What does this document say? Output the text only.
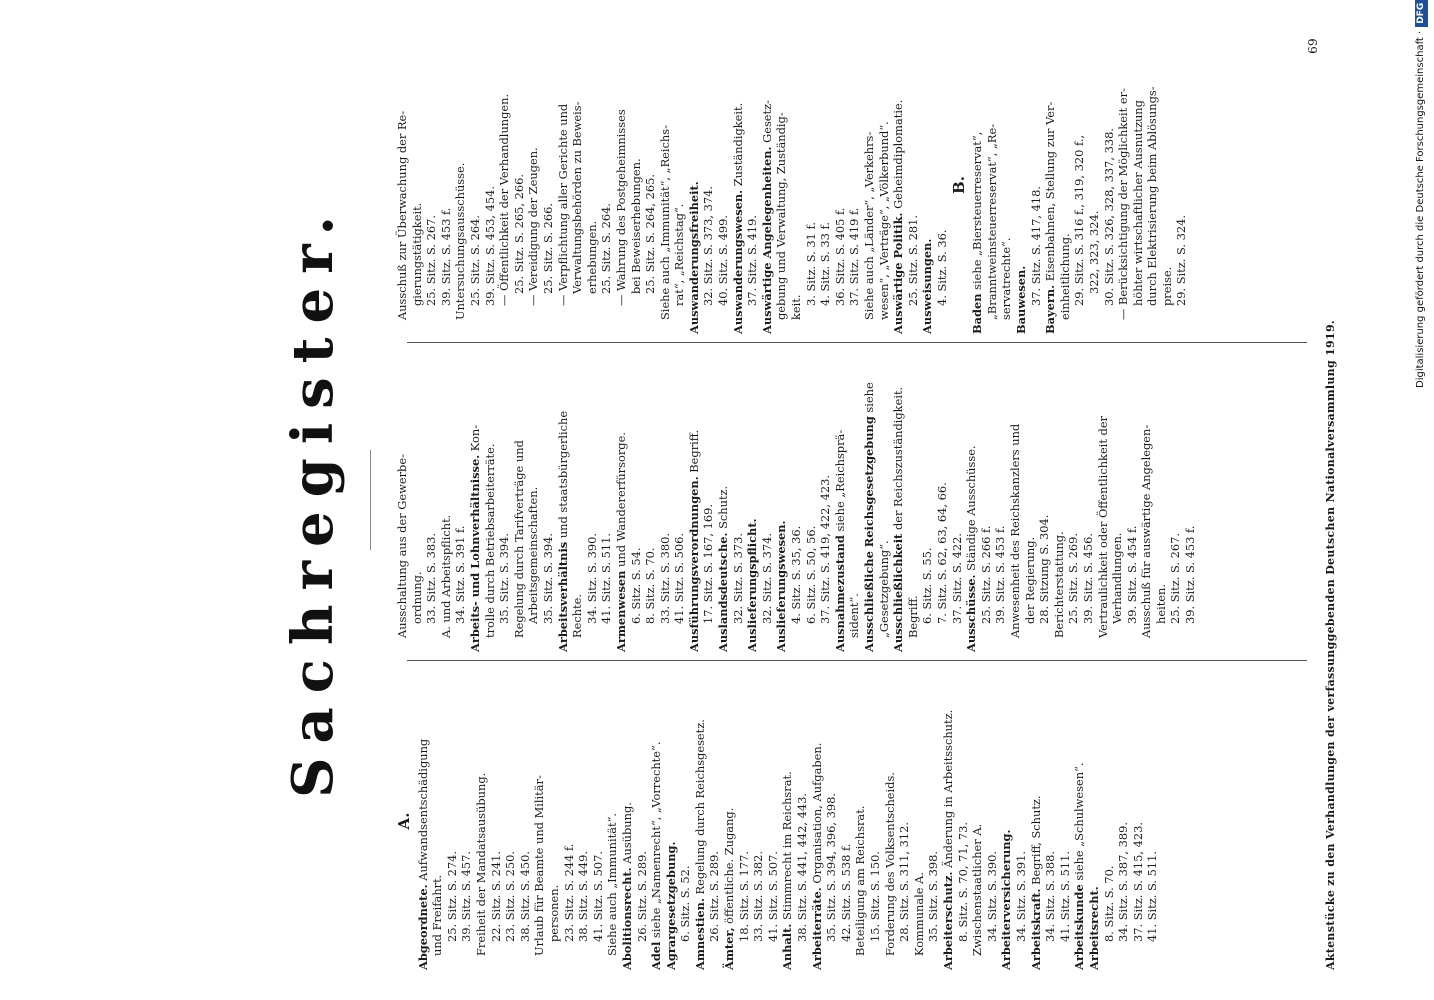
Sachregister.
A.
Abgeordnete. Aufwandsentschädigung
und Freifahrt. 25. Sitz. S. 274. 39. Sitz. S. 457. Freiheit der Mandatsausübung. 22. Sitz. S. 241. 23. Sitz. S. 250. 38. Sitz. S. 450. Urlaub für Beamte und Militär- personen. 23. Sitz. S. 244 f. 38. Sitz. S. 449. 41. Sitz. S. 507. Siehe auch „Immunität“. Abolitionsrecht. Ausübung.
26. Sitz. S. 289.
Adel siehe „Namenrecht“, „Vorrechte“. Agrargesetzgebung. 6. Sitz. S. 52. Amnestien. Regelung durch Reichsgesetz. 26. Sitz. S. 289.
Ämter, öffentliche. Zugang. 18. Sitz. S. 177. 33. Sitz. S. 382. 41. Sitz. S. 507.
Anhalt. Stimmrecht im Reichsrat. 38. Sitz. S. 441, 442, 443. Arbeiterräte. Organisation, Aufgaben. 35. Sitz. S. 394, 396, 398. 42. Sitz. S. 538 f. Beteiligung am Reichsrat. 15. Sitz. S. 150. Forderung des Volksentscheids. 28. Sitz. S. 311, 312. Kommunale A. 35. Sitz. S. 398. Arbeiterschutz. Änderung in Arbeitsschutz.
8. Sitz. S. 70, 71, 73. Zwischenstaatlicher A. 34. Sitz. S. 390. Arbeiterversicherung. 34. Sitz. S. 391. Arbeitskraft. Begriff, Schutz.
34. Sitz. S. 388. 41. Sitz. S. 511. Arbeitskunde siehe „Schulwesen“.
Arbeitsrecht. 8. Sitz. S. 70. 34. Sitz. S. 387, 389. 37. Sitz. S. 415, 423. 41. Sitz. S. 511.
Ausschaltung aus der Gewerbe- ordnung. 33. Sitz. S. 383. A. und Arbeitspflicht. 34. Sitz. S. 391 f. Arbeits- und Lohnverhältnisse. Kon-
trolle durch Betriebsarbeiterräte. 35. Sitz. S. 394. Regelung durch Tarifverträge und Arbeitsgemeinschaften. 35. Sitz. S. 394. Arbeitsverhältnis und staatsbürgerliche
Rechte. 34. Sitz. S. 390. 41. Sitz. S. 511. Armenwesen und Wandererfürsorge.
6. Sitz. S. 54. 8. Sitz. S. 70. 33. Sitz. S. 380. 41. Sitz. S. 506. Ausführungsverordnungen. Begriff.
17. Sitz. S. 167, 169. Auslandsdeutsche. Schutz.
32. Sitz. S. 373. Auslieferungspflicht. 32. Sitz. S. 374. Auslieferungswesen. 4. Sitz. S. 35, 36. 6. Sitz. S. 50, 56. 37. Sitz. S. 419, 422, 423. Ausnahmezustand siehe „Reichsprä-
sident“. Ausschließliche Reichsgesetzgebung siehe
„Gesetzgebung“. Ausschließlichkeit der Reichszuständigkeit.
Begriff. 6. Sitz. S. 55. 7. Sitz. S. 62, 63, 64, 66. 37. Sitz. S. 422. Ausschüsse. Ständige Ausschüsse.
25. Sitz. S. 266 f. 39. Sitz. S. 453 f. Anwesenheit des Reichskanzlers und der Regierung. 28. Sitzung S. 304. Berichterstattung. 25. Sitz. S. 269. 39. Sitz. S. 456. Vertraulichkeit oder Öffentlichkeit der Verhandlungen. 39. Sitz. S. 454 f. Ausschuß für auswärtige Angelegen- heiten. 25. Sitz. S. 267. 39. Sitz. S. 453 f.
Ausschuß zur Überwachung der Re- gierungstätigkeit. 25. Sitz. S. 267. 39. Sitz. S. 453 f. Untersuchungsausschüsse. 25. Sitz. S. 264. 39. Sitz. S. 453, 454. — Öffentlichkeit der Verhandlungen. 25. Sitz. S. 265, 266. — Vereidigung der Zeugen. 25. Sitz. S. 266. — Verpflichtung aller Gerichte und Verwaltungsbehörden zu Beweis- erhebungen. 25. Sitz. S. 264. — Wahrung des Postgeheimnisses bei Beweiserhebungen. 25. Sitz. S. 264, 265. Siehe auch „Immunität“, „Reichs- rat“, „Reichstag“. Auswanderungsfreiheit. 32. Sitz. S. 373, 374. 40. Sitz. S. 499. Auswanderungswesen. Zuständigkeit.
37. Sitz. S. 419. Auswärtige Angelegenheiten. Gesetz- gebung und Verwaltung, Zuständig- keit.
3. Sitz. S. 31 f. 4. Sitz. S. 33 f. 36. Sitz. S. 405 f. 37. Sitz. S. 419 f. Siehe auch „Länder“, „Verkehrs- wesen“, „Verträge“, „Völkerbund“. Auswärtige Politik. Geheimdiplomatie.
25. Sitz. S. 281. Ausweisungen. 4. Sitz. S. 36.
B.
Baden siehe „Biersteuerreservat“, „Branntweinsteuerreservat“, „Re- servatrechte“. Bauwesen. 37. Sitz. S. 417, 418.
Bayern. Eisenbahnen, Stellung zur Ver- einheitlichung. 29. Sitz. S. 316 f., 319, 320 f., 322, 323, 324. 30. Sitz. S. 326, 328, 337, 338. — Berücksichtigung der Möglichkeit er- höhter wirtschaftlicher Ausnutzung durch Elektrisierung beim Ablösungs- preise. 29. Sitz. S. 324.
69
Aktenstücke zu den Verhandlungen der verfassunggebenden Deutschen Nationalversammlung 1919.
Digitalisierung gefördert durch die Deutsche Forschungsgemeinschaft ·DFG
